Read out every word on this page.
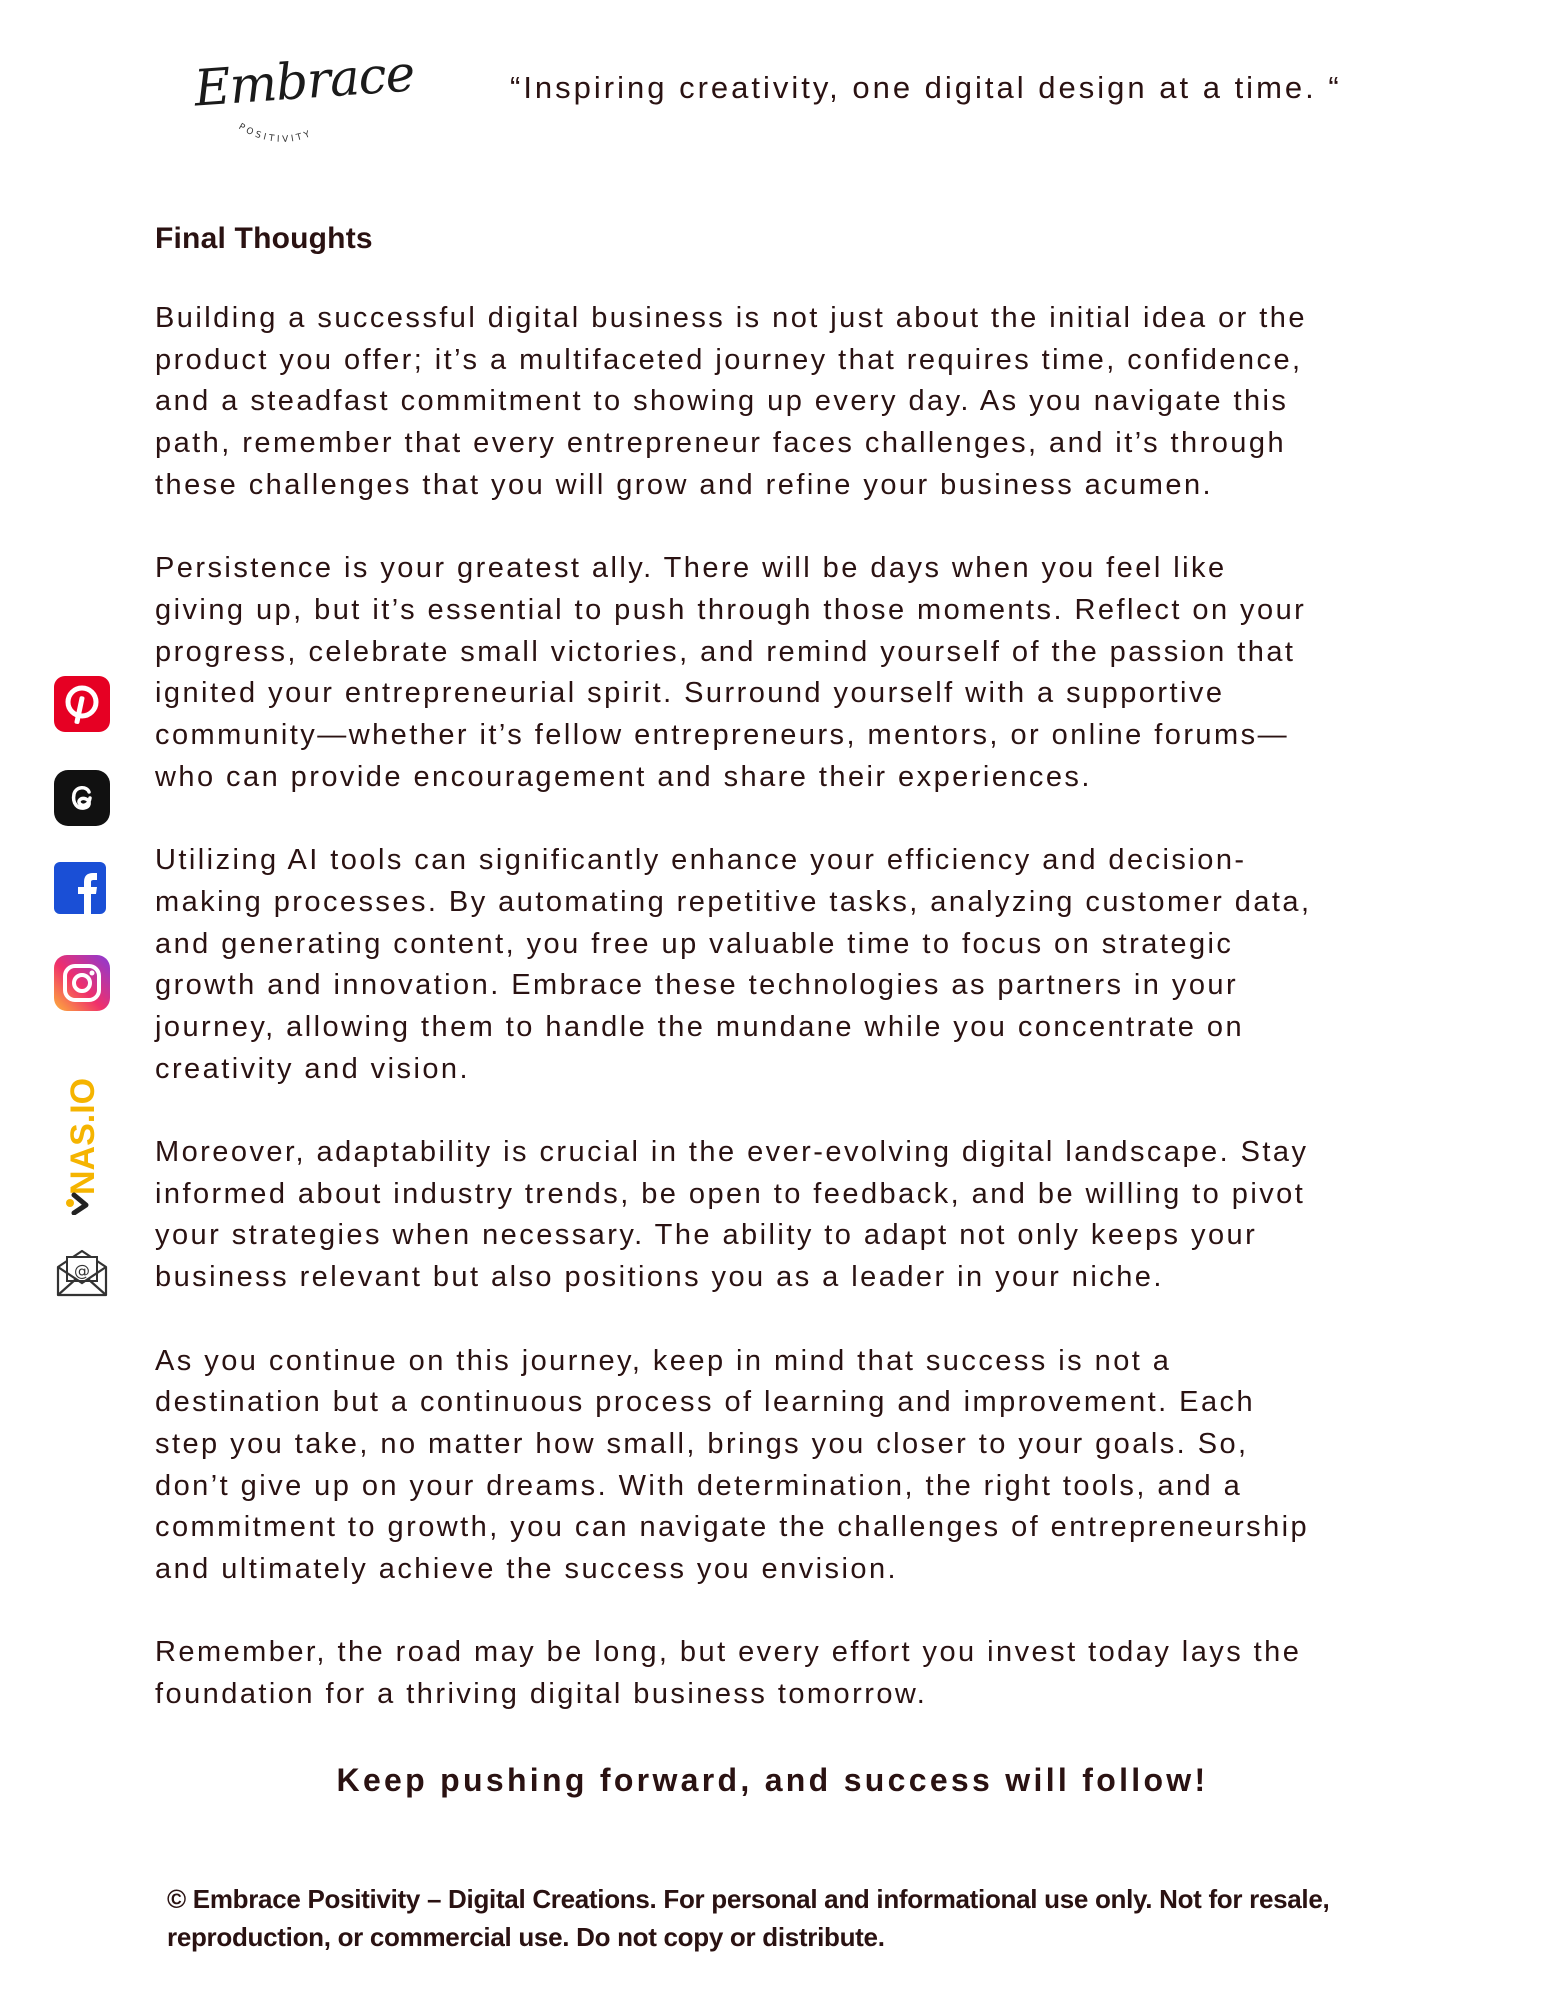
POSITIVITY
Embrace	“Inspiring creativity, one digital design at a time. “
Final Thoughts

Building a successful digital business is not just about the initial idea or the
product you offer; it’s a multifaceted journey that requires time, confidence,
and a steadfast commitment to showing up every day. As you navigate this
path, remember that every entrepreneur faces challenges, and it’s through
these challenges that you will grow and refine your business acumen.

Persistence is your greatest ally. There will be days when you feel like
giving up, but it’s essential to push through those moments. Reflect on your
progress, celebrate small victories, and remind yourself of the passion that
ignited your entrepreneurial spirit. Surround yourself with a supportive
community—whether it’s fellow entrepreneurs, mentors, or online forums—
who can provide encouragement and share their experiences.

Utilizing AI tools can significantly enhance your efficiency and decision-
making processes. By automating repetitive tasks, analyzing customer data,
and generating content, you free up valuable time to focus on strategic
growth and innovation. Embrace these technologies as partners in your
journey, allowing them to handle the mundane while you concentrate on
creativity and vision.

Moreover, adaptability is crucial in the ever-evolving digital landscape. Stay
informed about industry trends, be open to feedback, and be willing to pivot
your strategies when necessary. The ability to adapt not only keeps your
business relevant but also positions you as a leader in your niche.

As you continue on this journey, keep in mind that success is not a
destination but a continuous process of learning and improvement. Each
step you take, no matter how small, brings you closer to your goals. So,
don’t give up on your dreams. With determination, the right tools, and a
commitment to growth, you can navigate the challenges of entrepreneurship
and ultimately achieve the success you envision.

Remember, the road may be long, but every effort you invest today lays the
foundation for a thriving digital business tomorrow.

Keep pushing forward, and success will follow!
© Embrace Positivity – Digital Creations. For personal and informational use only. Not for resale,
reproduction, or commercial use. Do not copy or distribute.
NAS.IO
@
